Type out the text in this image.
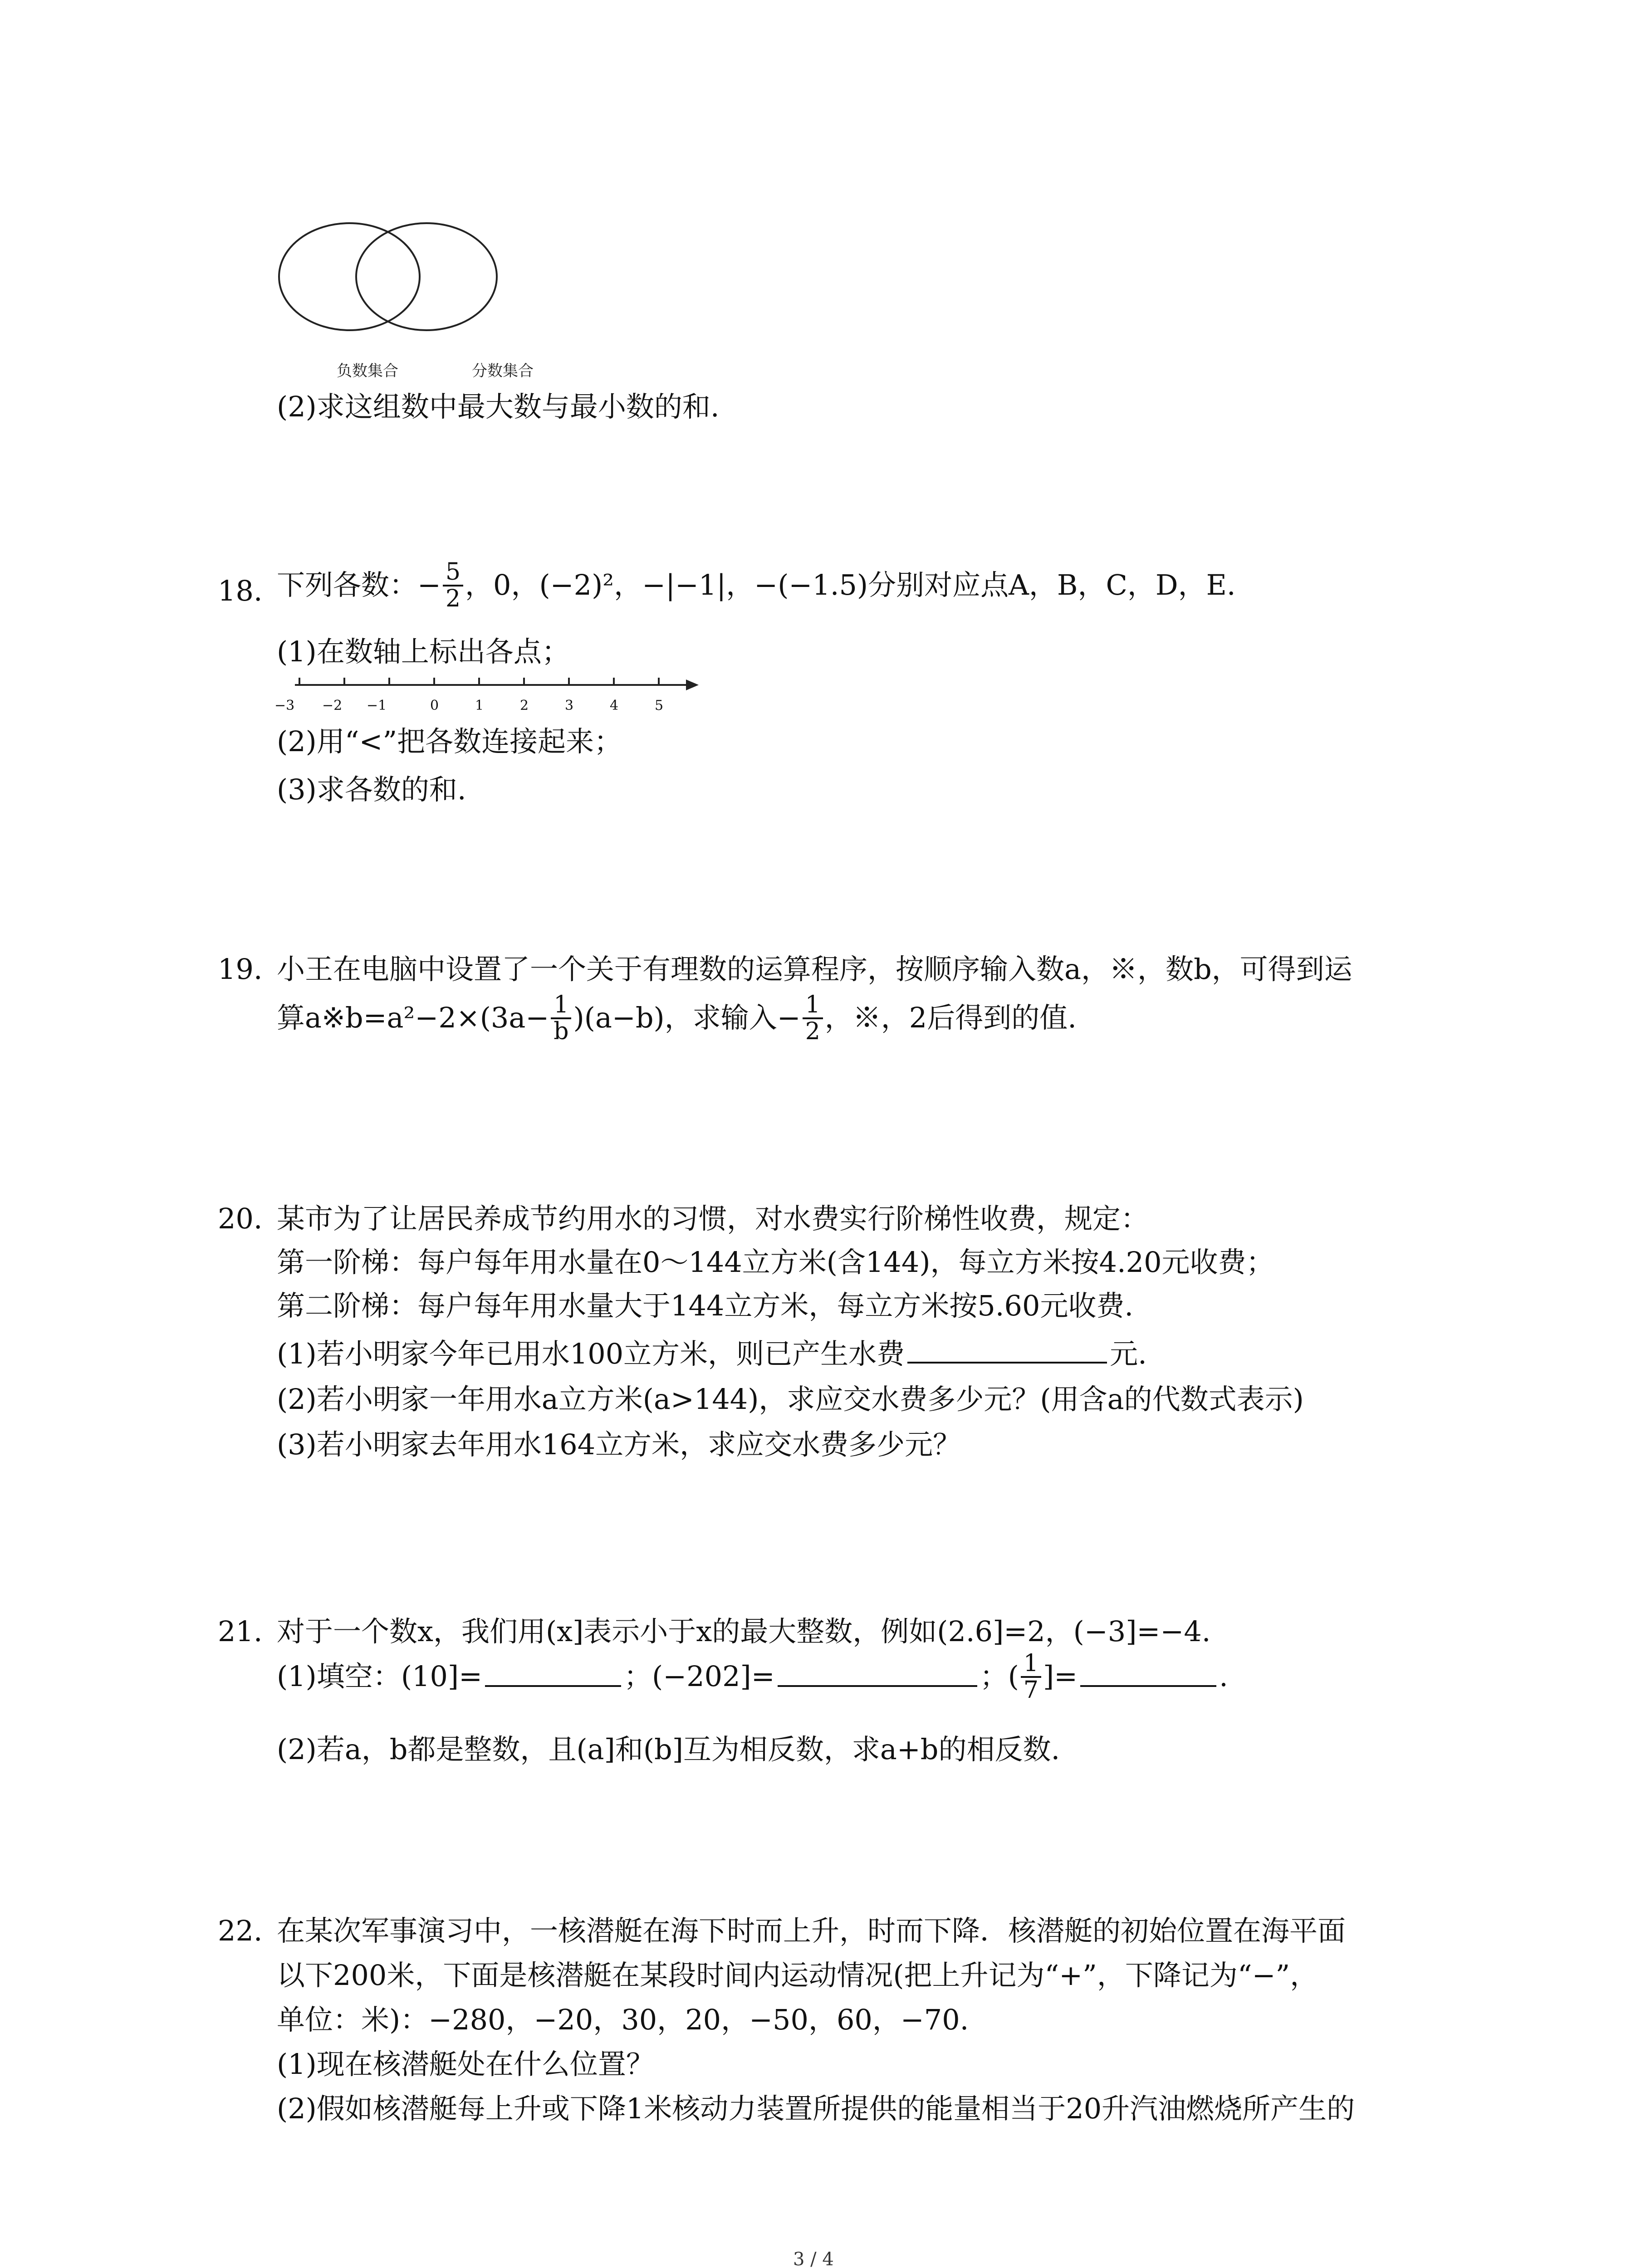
负数集合	分数集合
(2)求这组数中最大数与最小数的和.
18. 下列各数：− $\frac{5}{2}$ ，0，(−2)²，−|−1|，−(−1.5)分别对应点A，B，C，D，E.
(1)在数轴上标出各点；
−3 −2 −1	0	1	2	3	4	5
(2)用“<”把各数连接起来；
(3)求各数的和.
19. 小王在电脑中设置了一个关于有理数的运算程序，按顺序输入数a，※，数b，可得到运
算a※b=a²−2×(3a− $\frac{1}{b} )(a-b)$，求输入− $\frac{1}{2}$ ，※，2后得到的值.
20. 某市为了让居民养成节约用水的习惯，对水费实行阶梯性收费，规定：
第一阶梯：每户每年用水量在0～144立方米(含144)，每立方米按4.20元收费；
第二阶梯：每户每年用水量大于144立方米，每立方米按5.60元收费.
(1)若小明家今年已用水100立方米，则已产生水费	元.
(2)若小明家一年用水a立方米(a>144)，求应交水费多少元？(用含a的代数式表示)
(3)若小明家去年用水164立方米，求应交水费多少元？
21. 对于一个数x，我们用(x]表示小于x的最大整数，例如(2.6]=2，(−3]=−4.
(1)填空：(10]=	；(−202]=	；( $\frac{1}{7}$ ]=	.
(2)若a，b都是整数，且(a]和(b]互为相反数，求a+b的相反数.
22. 在某次军事演习中，一核潜艇在海下时而上升，时而下降．核潜艇的初始位置在海平面
以下200米，下面是核潜艇在某段时间内运动情况(把上升记为“+”，下降记为“−”，
单位：米)：−280，−20，30，20，−50，60，−70.
(1)现在核潜艇处在什么位置？
(2)假如核潜艇每上升或下降1米核动力装置所提供的能量相当于20升汽油燃烧所产生的
3 / 4
